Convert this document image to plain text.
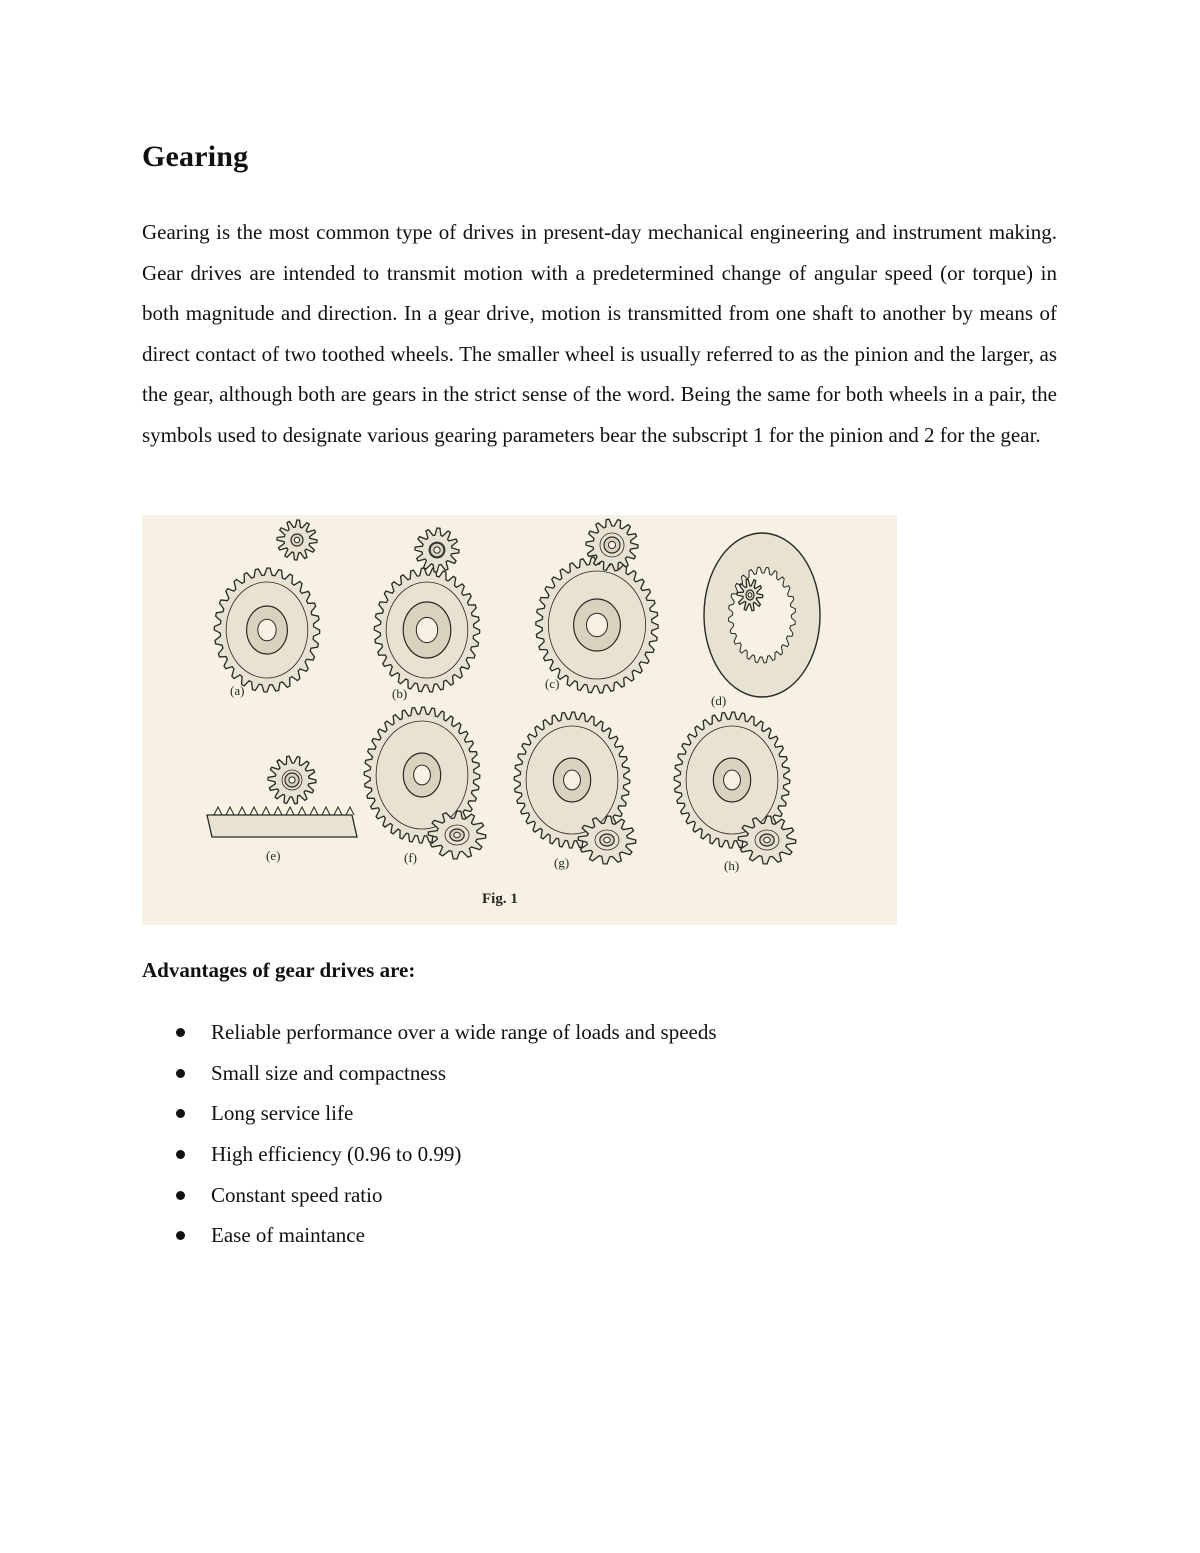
Gearing

Gearing is the most common type of drives in present-day mechanical engineering and instrument making. Gear drives are intended to transmit motion with a predetermined change of angular speed (or torque) in both magnitude and direction. In a gear drive, motion is transmitted from one shaft to another by means of direct contact of two toothed wheels. The smaller wheel is usually referred to as the pinion and the larger, as the gear, although both are gears in the strict sense of the word. Being the same for both wheels in a pair, the symbols used to designate various gearing parameters bear the subscript 1 for the pinion and 2 for the gear.

(a)	(b)
(c)
(d)
(e)	(f)	(g)	(h)
Fig. 1
Advantages of gear drives are:
Reliable performance over a wide range of loads and speeds
Small size and compactness
Long service life
High efficiency (0.96 to 0.99)
Constant speed ratio
Ease of maintance
